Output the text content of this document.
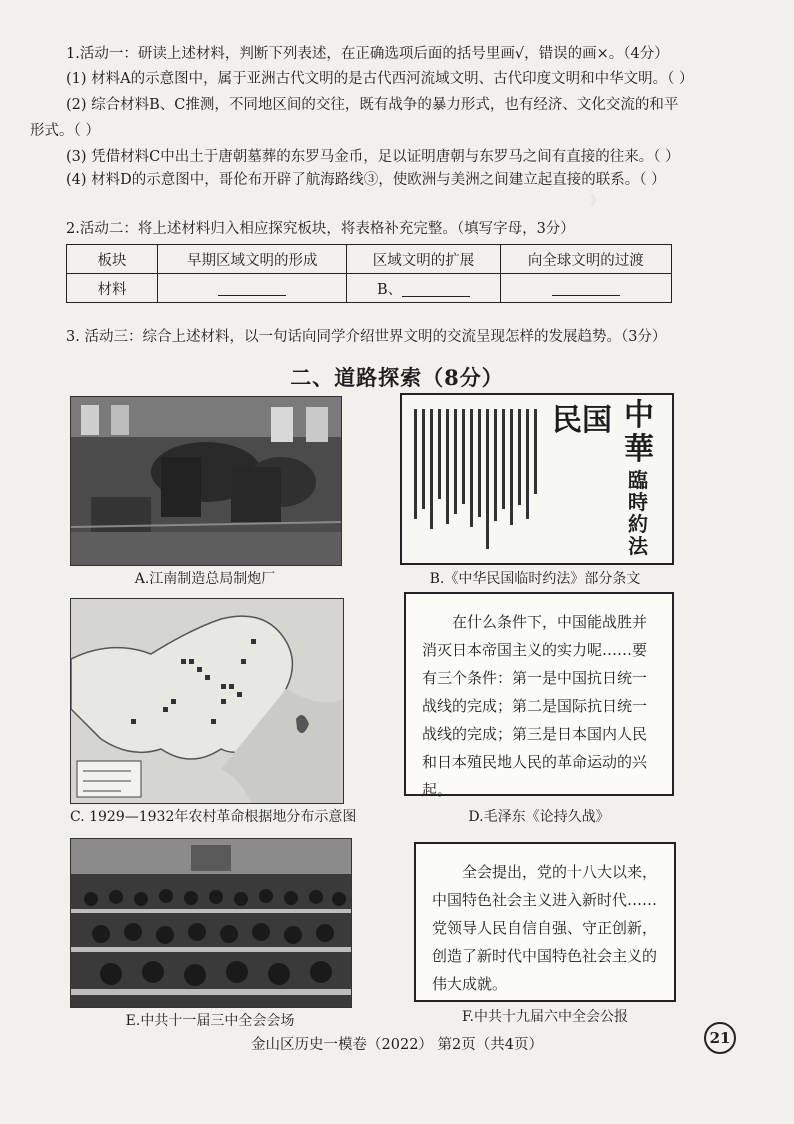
》
1.活动一：研读上述材料，判断下列表述，在正确选项后面的括号里画√，错误的画×。（4分）
(1) 材料A的示意图中，属于亚洲古代文明的是古代西河流域文明、古代印度文明和中华文明。（ ）
(2) 综合材料B、C推测，不同地区间的交往，既有战争的暴力形式，也有经济、文化交流的和平
形式。（ ）
(3) 凭借材料C中出土于唐朝墓葬的东罗马金币，足以证明唐朝与东罗马之间有直接的往来。（ ）
(4) 材料D的示意图中，哥伦布开辟了航海路线③，使欧洲与美洲之间建立起直接的联系。（ ）
2.活动二：将上述材料归入相应探究板块，将表格补充完整。（填写字母，3分）
板块	早期区域文明的形成	区域文明的扩展	向全球文明的过渡
材料		B、	
3. 活动三：综合上述材料，以一句话向同学介绍世界文明的交流呈现怎样的发展趋势。（3分）
二、道路探索（8分）
A.江南制造总局制炮厂
民国 中華
臨時約法
B.《中华民国临时约法》部分条文
C. 1929—1932年农村革命根据地分布示意图

在什么条件下，中国能战胜并消灭日本帝国主义的实力呢……要有三个条件：第一是中国抗日统一战线的完成；第二是国际抗日统一战线的完成；第三是日本国内人民和日本殖民地人民的革命运动的兴起。

D.毛泽东《论持久战》
E.中共十一届三中全会会场

全会提出，党的十八大以来，中国特色社会主义进入新时代……党领导人民自信自强、守正创新，创造了新时代中国特色社会主义的伟大成就。

F.中共十九届六中全会公报
金山区历史一模卷（2022） 第2页（共4页）	21
